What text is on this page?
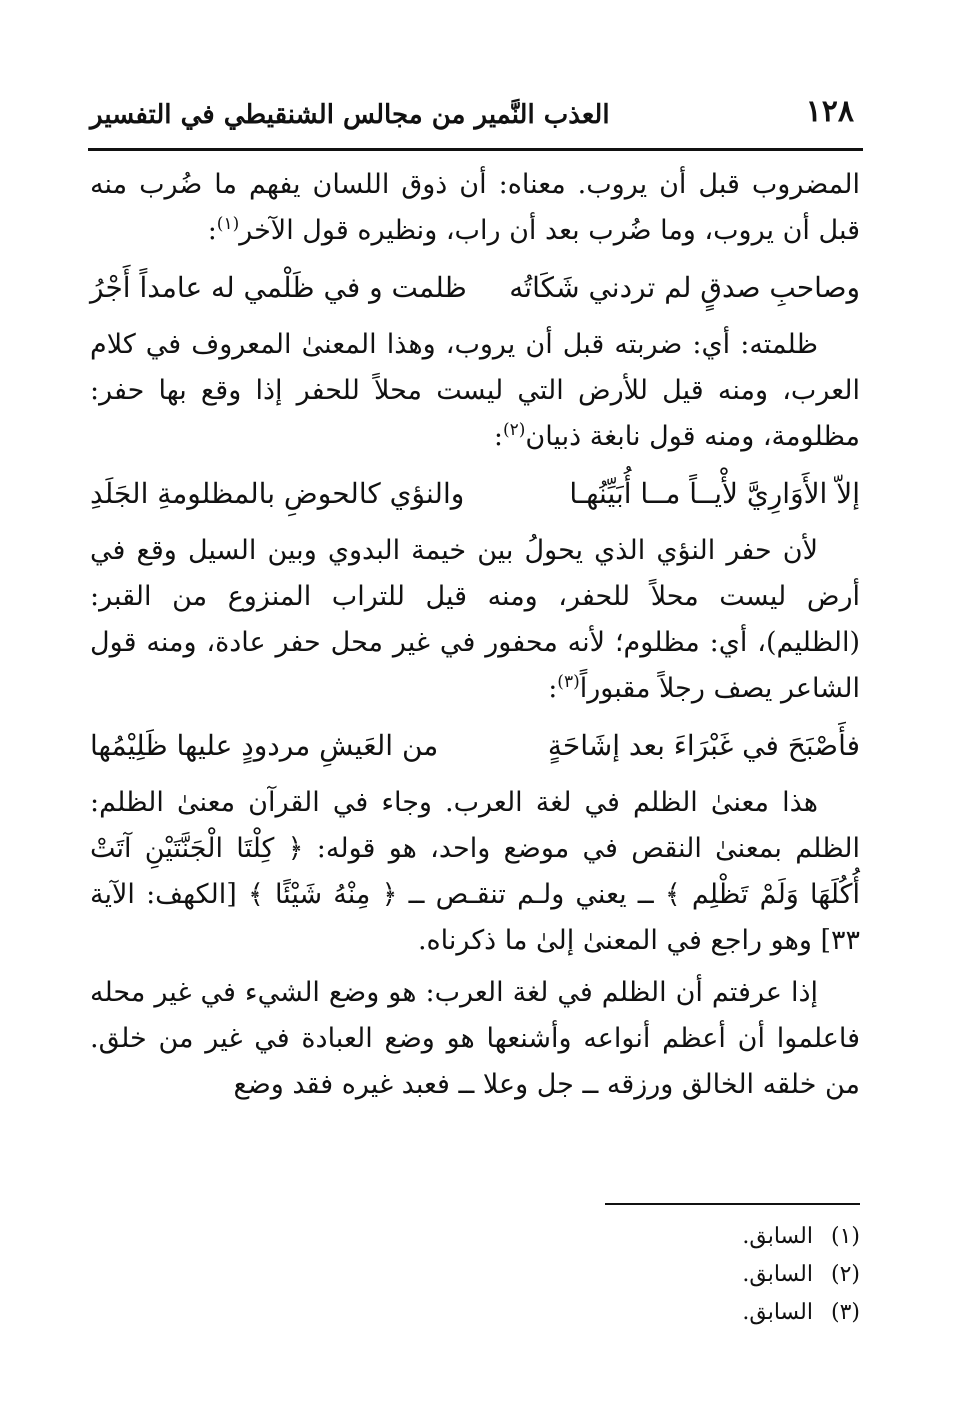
١٢٨
العذب النَّمير من مجالس الشنقيطي في التفسير

المضروب قبل أن يروب. معناه: أن ذوق اللسان يفهم ما ضُرب منه قبل أن يروب، وما ضُرب بعد أن راب، ونظيره قول الآخر$^{(١)}$:

وصاحبِ صدقٍ لم تردني شَكَاتُه
ظلمت و في ظَلْمي له عامداً أَجْرُ

ظلمته: أي: ضربته قبل أن يروب، وهذا المعنىٰ المعروف في كلام العرب، ومنه قيل للأرض التي ليست محلاً للحفر إذا وقع بها حفر: مظلومة، ومنه قول نابغة ذبيان$^{(٢)}$:

إلاّ الأَوَارِيَّ لأْيــاً مــا أُبَيِّنُهـا
والنؤي كالحوضِ بالمظلومةِ الجَلَدِ

لأن حفر النؤي الذي يحولُ بين خيمة البدوي وبين السيل وقع في أرض ليست محلاً للحفر، ومنه قيل للتراب المنزوع من القبر: (الظليم)، أي: مظلوم؛ لأنه محفور في غير محل حفر عادة، ومنه قول الشاعر يصف رجلاً مقبوراً$^{(٣)}$:

فأَصْبَحَ في غَبْرَاءَ بعد إشَاحَةٍ
من العَيشِ مردودٍ عليها ظَلِيْمُها

هذا معنىٰ الظلم في لغة العرب. وجاء في القرآن معنىٰ الظلم: الظلم بمعنىٰ النقص في موضع واحد، هو قوله: ﴿ كِلْتَا الْجَنَّتَيْنِ آتَتْ أُكُلَهَا وَلَمْ تَظْلِم ﴾ ــ يعني ولـم تنقـص ــ ﴿ مِنْهُ شَيْئًا ﴾ [الكهف: الآية ٣٣] وهو راجع في المعنىٰ إلىٰ ما ذكرناه.

إذا عرفتم أن الظلم في لغة العرب: هو وضع الشيء في غير محله فاعلموا أن أعظم أنواعه وأشنعها هو وضع العبادة في غير من خلق. من خلقه الخالق ورزقه ــ جل وعلا ــ فعبد غيره فقد وضع

(١) السابق.
(٢) السابق.
(٣) السابق.
